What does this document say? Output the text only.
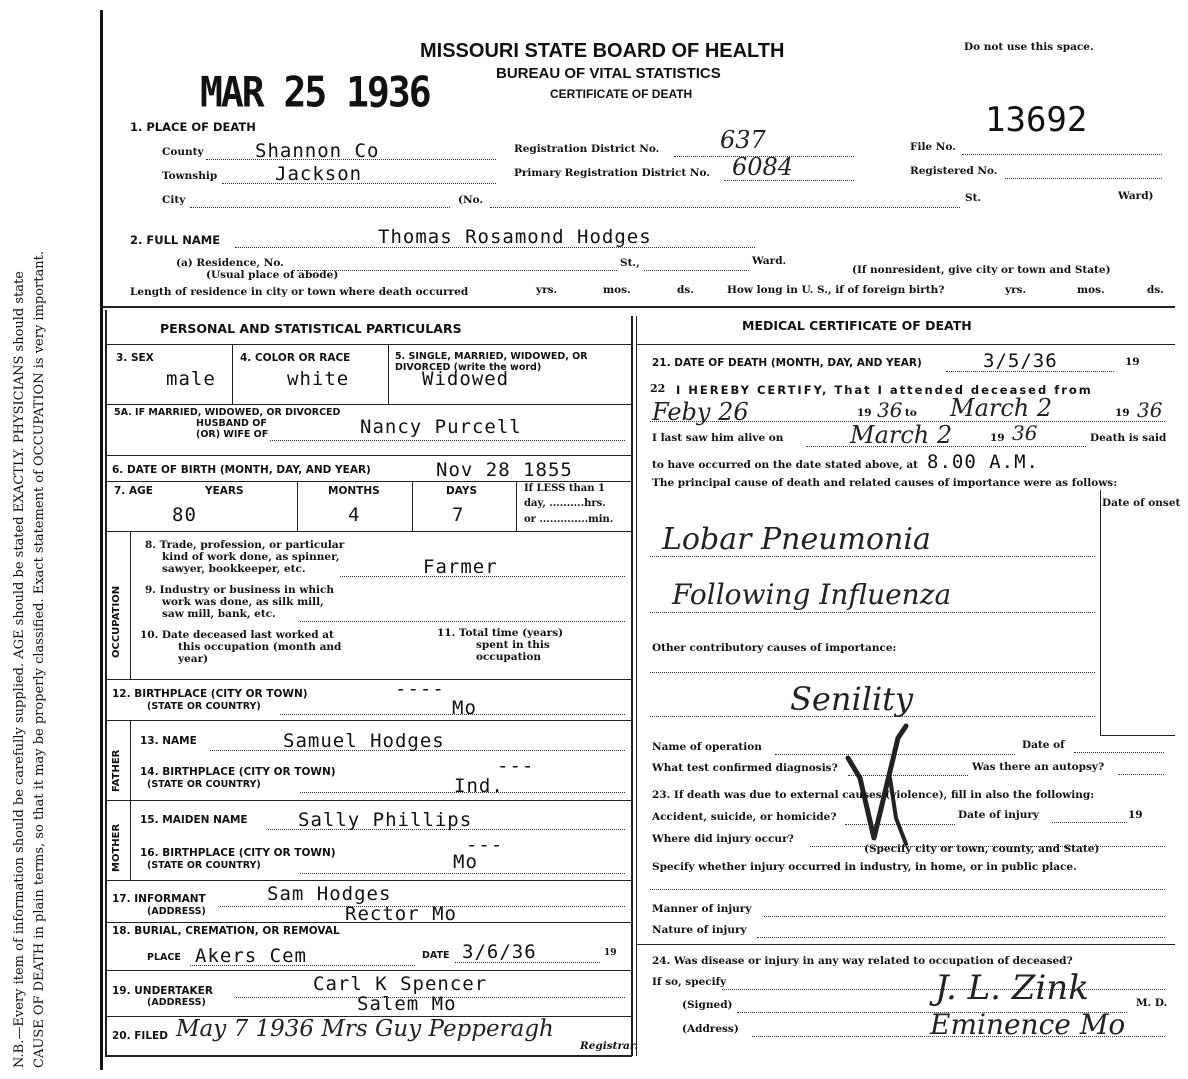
N.B.—Every item of information should be carefully supplied. AGE should be stated EXACTLY. PHYSICIANS should state CAUSE OF DEATH in plain terms, so that it may be properly classified. Exact statement of OCCUPATION is very important.
MAR 25 1936
MISSOURI STATE BOARD OF HEALTH
BUREAU OF VITAL STATISTICS
CERTIFICATE OF DEATH
Do not use this space.
13692
File No.
Registered No.
1. PLACE OF DEATH
County	Shannon Co
Township	Jackson
City	(No.	St.	Ward)
Registration District No.	637
Primary Registration District No. 6084
2. FULL NAME	Thomas Rosamond Hodges
(a) Residence, No.
(Usual place of abode)
St.,	Ward.
(If nonresident, give city or town and State)
Length of residence in city or town where death occurred	yrs.	mos.	ds.	How long in U. S., if of foreign birth?	yrs.	mos.	ds.
PERSONAL AND STATISTICAL PARTICULARS
3. SEX
male
4. COLOR OR RACE
white
5. SINGLE, MARRIED, WIDOWED, OR
DIVORCED (write the word)
Widowed
5A. IF MARRIED, WIDOWED, OR DIVORCED
HUSBAND OF
(OR) WIFE OF	Nancy Purcell
6. DATE OF BIRTH (MONTH, DAY, AND YEAR)	Nov 28 1855
7. AGE	YEARS
80
MONTHS
4
DAYS
7
If LESS than 1
day, ..........hrs.
or ..............min.
OCCUPATION
8. Trade, profession, or particular
kind of work done, as spinner,
sawyer, bookkeeper, etc.	Farmer
9. Industry or business in which
work was done, as silk mill,
saw mill, bank, etc.
10. Date deceased last worked at
this occupation (month and
year)
11. Total time (years)
spent in this
occupation
12. BIRTHPLACE (CITY OR TOWN)	----
(STATE OR COUNTRY)	Mo
FATHER
13. NAME	Samuel Hodges
14. BIRTHPLACE (CITY OR TOWN)	---
(STATE OR COUNTRY)	Ind.
MOTHER
15. MAIDEN NAME	Sally Phillips
16. BIRTHPLACE (CITY OR TOWN)	---
(STATE OR COUNTRY)	Mo
17. INFORMANT	Sam Hodges
(ADDRESS)	Rector Mo
18. BURIAL, CREMATION, OR REMOVAL
PLACE Akers Cem	DATE 3/6/36	19
19. UNDERTAKER	Carl K Spencer
(ADDRESS)	Salem Mo
20. FILED May 7 1936 Mrs Guy Pepperagh
Registrar.
MEDICAL CERTIFICATE OF DEATH
21. DATE OF DEATH (MONTH, DAY, AND YEAR)	3/5/36	19
22 I HEREBY CERTIFY, That I attended deceased from
Feby 26	19 36 to March 2	19 36
I last saw him alive on	March 2	19 36	Death is said
to have occurred on the date stated above, at 8.00 A.M.
The principal cause of death and related causes of importance were as follows:
Date of onset
Lobar Pneumonia
Following Influenza
Other contributory causes of importance:
Senility
Name of operation	Date of
What test confirmed diagnosis?	Was there an autopsy?
23. If death was due to external causes (violence), fill in also the following:
Accident, suicide, or homicide?	Date of injury	19
Where did injury occur?
(Specify city or town, county, and State)
Specify whether injury occurred in industry, in home, or in public place.
Manner of injury
Nature of injury
24. Was disease or injury in any way related to occupation of deceased?
If so, specify
(Signed)	J. L. Zink	M. D.
(Address)	Eminence Mo
